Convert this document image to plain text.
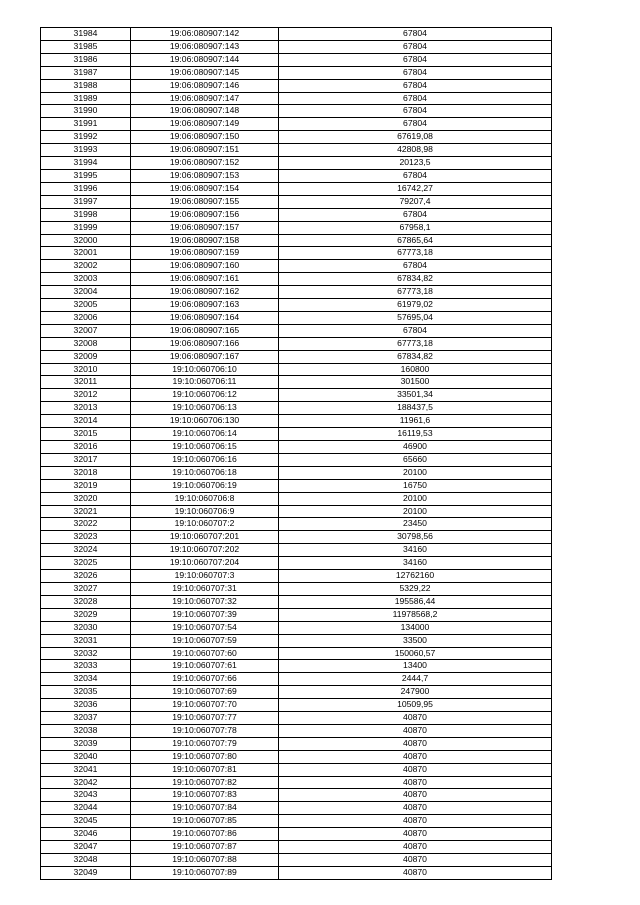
31984	19:06:080907:142	67804
31985	19:06:080907:143	67804
31986	19:06:080907:144	67804
31987	19:06:080907:145	67804
31988	19:06:080907:146	67804
31989	19:06:080907:147	67804
31990	19:06:080907:148	67804
31991	19:06:080907:149	67804
31992	19:06:080907:150	67619,08
31993	19:06:080907:151	42808,98
31994	19:06:080907:152	20123,5
31995	19:06:080907:153	67804
31996	19:06:080907:154	16742,27
31997	19:06:080907:155	79207,4
31998	19:06:080907:156	67804
31999	19:06:080907:157	67958,1
32000	19:06:080907:158	67865,64
32001	19:06:080907:159	67773,18
32002	19:06:080907:160	67804
32003	19:06:080907:161	67834,82
32004	19:06:080907:162	67773,18
32005	19:06:080907:163	61979,02
32006	19:06:080907:164	57695,04
32007	19:06:080907:165	67804
32008	19:06:080907:166	67773,18
32009	19:06:080907:167	67834,82
32010	19:10:060706:10	160800
32011	19:10:060706:11	301500
32012	19:10:060706:12	33501,34
32013	19:10:060706:13	188437,5
32014	19:10:060706:130	11961,6
32015	19:10:060706:14	16119,53
32016	19:10:060706:15	46900
32017	19:10:060706:16	65660
32018	19:10:060706:18	20100
32019	19:10:060706:19	16750
32020	19:10:060706:8	20100
32021	19:10:060706:9	20100
32022	19:10:060707:2	23450
32023	19:10:060707:201	30798,56
32024	19:10:060707:202	34160
32025	19:10:060707:204	34160
32026	19:10:060707:3	12762160
32027	19:10:060707:31	5329,22
32028	19:10:060707:32	195586,44
32029	19:10:060707:39	11978568,2
32030	19:10:060707:54	134000
32031	19:10:060707:59	33500
32032	19:10:060707:60	150060,57
32033	19:10:060707:61	13400
32034	19:10:060707:66	2444,7
32035	19:10:060707:69	247900
32036	19:10:060707:70	10509,95
32037	19:10:060707:77	40870
32038	19:10:060707:78	40870
32039	19:10:060707:79	40870
32040	19:10:060707:80	40870
32041	19:10:060707:81	40870
32042	19:10:060707:82	40870
32043	19:10:060707:83	40870
32044	19:10:060707:84	40870
32045	19:10:060707:85	40870
32046	19:10:060707:86	40870
32047	19:10:060707:87	40870
32048	19:10:060707:88	40870
32049	19:10:060707:89	40870
